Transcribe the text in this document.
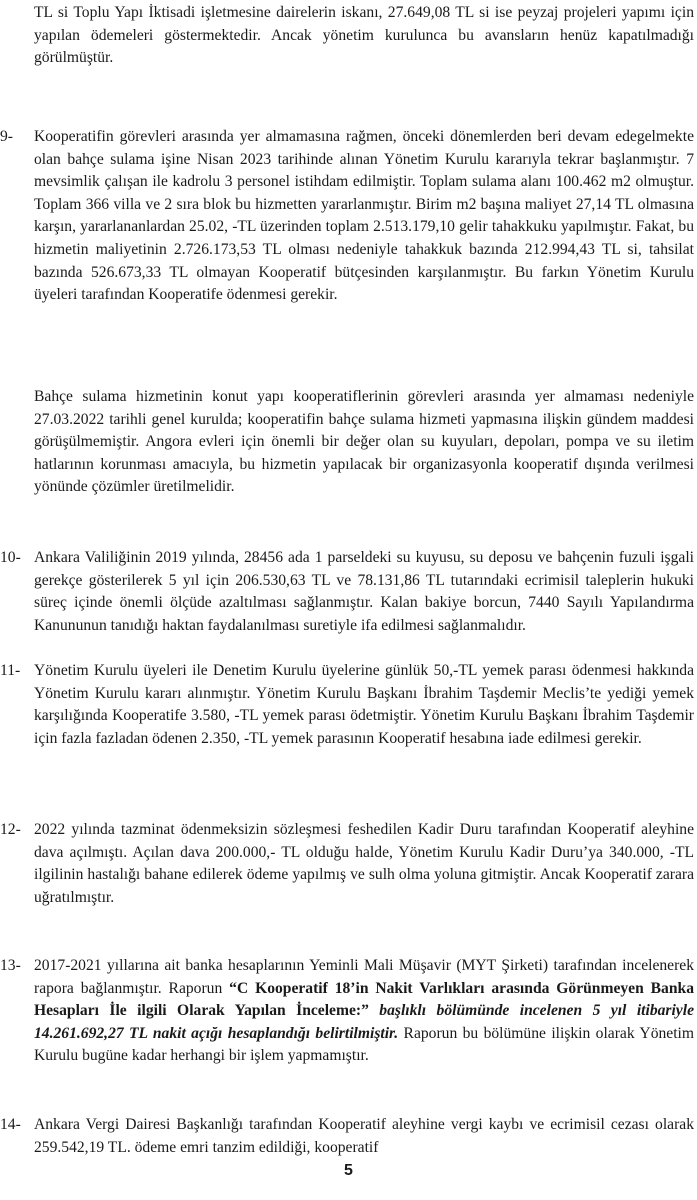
TL si Toplu Yapı İktisadi işletmesine dairelerin iskanı, 27.649,08 TL si ise peyzaj projeleri yapımı için yapılan ödemeleri göstermektedir. Ancak yönetim kurulunca bu avansların henüz kapatılmadığı görülmüştür.
9- Kooperatifin görevleri arasında yer almamasına rağmen, önceki dönemlerden beri devam edegelmekte olan bahçe sulama işine Nisan 2023 tarihinde alınan Yönetim Kurulu kararıyla tekrar başlanmıştır. 7 mevsimlik çalışan ile kadrolu 3 personel istihdam edilmiştir. Toplam sulama alanı 100.462 m2 olmuştur. Toplam 366 villa ve 2 sıra blok bu hizmetten yararlanmıştır. Birim m2 başına maliyet 27,14 TL olmasına karşın, yararlananlardan 25.02, -TL üzerinden toplam 2.513.179,10 gelir tahakkuku yapılmıştır. Fakat, bu hizmetin maliyetinin 2.726.173,53 TL olması nedeniyle tahakkuk bazında 212.994,43 TL si, tahsilat bazında 526.673,33 TL olmayan Kooperatif bütçesinden karşılanmıştır. Bu farkın Yönetim Kurulu üyeleri tarafından Kooperatife ödenmesi gerekir.
Bahçe sulama hizmetinin konut yapı kooperatiflerinin görevleri arasında yer almaması nedeniyle 27.03.2022 tarihli genel kurulda; kooperatifin bahçe sulama hizmeti yapmasına ilişkin gündem maddesi görüşülmemiştir. Angora evleri için önemli bir değer olan su kuyuları, depoları, pompa ve su iletim hatlarının korunması amacıyla, bu hizmetin yapılacak bir organizasyonla kooperatif dışında verilmesi yönünde çözümler üretilmelidir.
10- Ankara Valiliğinin 2019 yılında, 28456 ada 1 parseldeki su kuyusu, su deposu ve bahçenin fuzuli işgali gerekçe gösterilerek 5 yıl için 206.530,63 TL ve 78.131,86 TL tutarındaki ecrimisil taleplerin hukuki süreç içinde önemli ölçüde azaltılması sağlanmıştır. Kalan bakiye borcun, 7440 Sayılı Yapılandırma Kanununun tanıdığı haktan faydalanılması suretiyle ifa edilmesi sağlanmalıdır.
11- Yönetim Kurulu üyeleri ile Denetim Kurulu üyelerine günlük 50,-TL yemek parası ödenmesi hakkında Yönetim Kurulu kararı alınmıştır. Yönetim Kurulu Başkanı İbrahim Taşdemir Meclis’te yediği yemek karşılığında Kooperatife 3.580, -TL yemek parası ödetmiştir. Yönetim Kurulu Başkanı İbrahim Taşdemir için fazla fazladan ödenen 2.350, -TL yemek parasının Kooperatif hesabına iade edilmesi gerekir.
12- 2022 yılında tazminat ödenmeksizin sözleşmesi feshedilen Kadir Duru tarafından Kooperatif aleyhine dava açılmıştı. Açılan dava 200.000,- TL olduğu halde, Yönetim Kurulu Kadir Duru’ya 340.000, -TL ilgilinin hastalığı bahane edilerek ödeme yapılmış ve sulh olma yoluna gitmiştir. Ancak Kooperatif zarara uğratılmıştır.
13- 2017-2021 yıllarına ait banka hesaplarının Yeminli Mali Müşavir (MYT Şirketi) tarafından incelenerek rapora bağlanmıştır. Raporun “C Kooperatif 18’in Nakit Varlıkları arasında Görünmeyen Banka Hesapları İle ilgili Olarak Yapılan İnceleme:” başlıklı bölümünde incelenen 5 yıl itibariyle 14.261.692,27 TL nakit açığı hesaplandığı belirtilmiştir. Raporun bu bölümüne ilişkin olarak Yönetim Kurulu bugüne kadar herhangi bir işlem yapmamıştır.
14- Ankara Vergi Dairesi Başkanlığı tarafından Kooperatif aleyhine vergi kaybı ve ecrimisil cezası olarak 259.542,19 TL. ödeme emri tanzim edildiği, kooperatif
5
